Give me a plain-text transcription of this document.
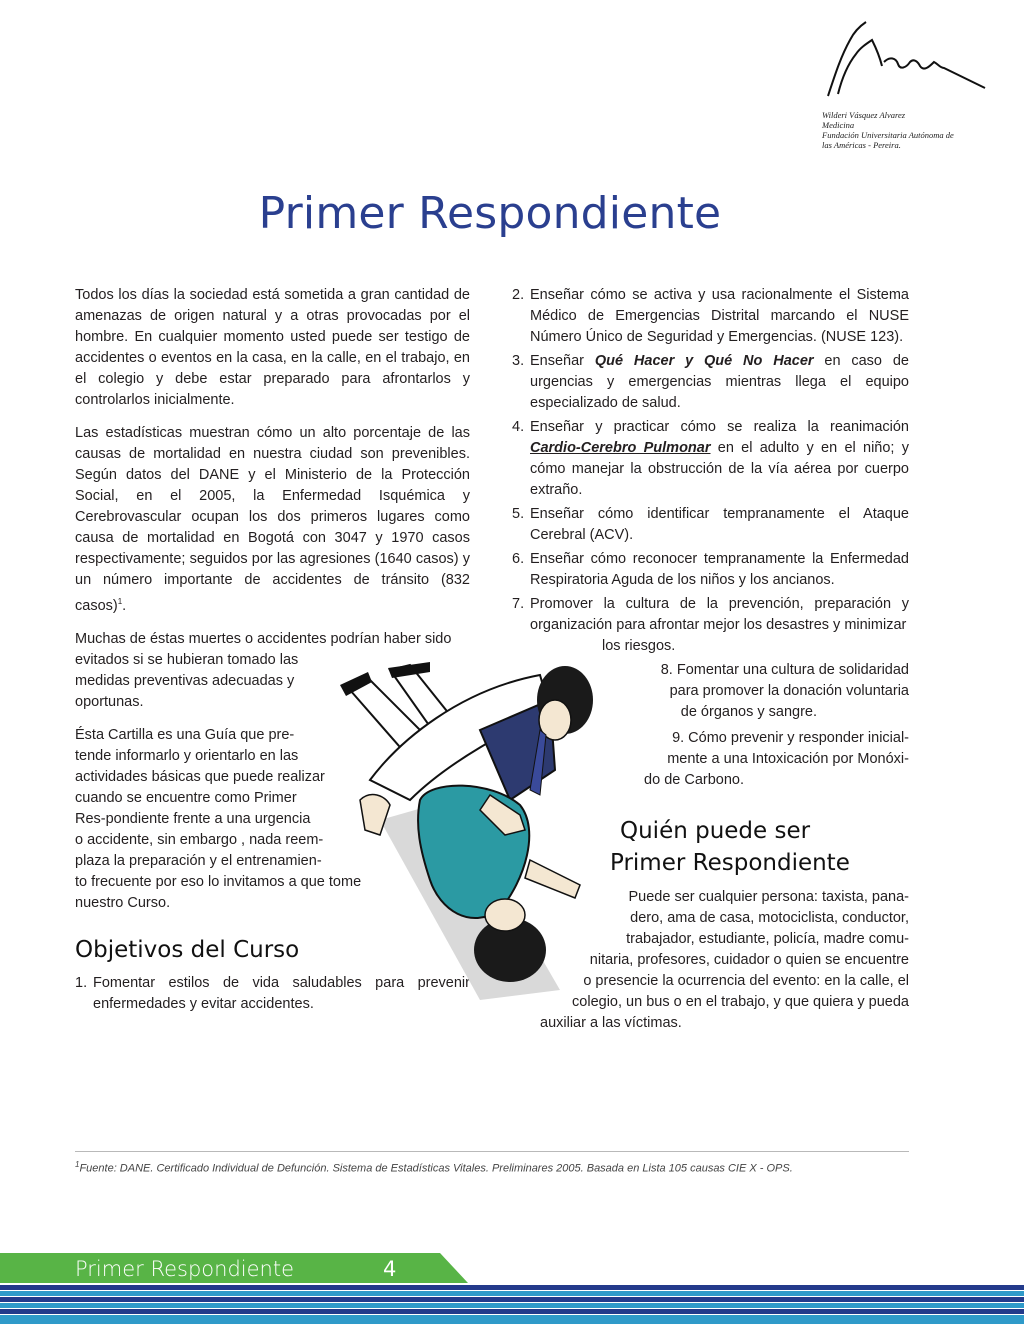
Wilderi Vásquez Alvarez
Medicina
Fundación Universitaria Autónoma de
las Américas - Pereira.
Primer Respondiente

Todos los días la sociedad está sometida a gran cantidad de amenazas de origen natural y a otras provocadas por el hombre. En cualquier momento usted puede ser testigo de accidentes o eventos en la casa, en la calle, en el trabajo, en el colegio y debe estar preparado para afrontarlos y controlarlos inicialmente.

Las estadísticas muestran cómo un alto porcentaje de las causas de mortalidad en nuestra ciudad son prevenibles. Según datos del DANE y el Ministerio de la Protección Social, en el 2005, la Enfermedad Isquémica y Cerebrovascular ocupan los dos primeros lugares como causa de mortalidad en Bogotá con 3047 y 1970 casos respectivamente; seguidos por las agresiones (1640 casos) y un número importante de accidentes de tránsito (832 casos)$^1$.

Muchas de éstas muertes o accidentes podrían haber sido
evitados si se hubieran tomado las
medidas preventivas adecuadas y
oportunas.

Ésta Cartilla es una Guía que pre-
tende informarlo y orientarlo en las
actividades básicas que puede realizar
cuando se encuentre como Primer
Res-pondiente frente a una urgencia
o accidente, sin embargo , nada reem-
plaza la preparación y el entrenamien-
to frecuente por eso lo invitamos a que tome
nuestro Curso.

Objetivos del Curso
1. Fomentar estilos de vida saludables para prevenir enfermedades y evitar accidentes.
2. Enseñar cómo se activa y usa racionalmente el Sistema Médico de Emergencias Distrital marcando el NUSE Número Único de Seguridad y Emergencias. (NUSE 123).
3. Enseñar Qué Hacer y Qué No Hacer en caso de urgencias y emergencias mientras llega el equipo especializado de salud.
4. Enseñar y practicar cómo se realiza la reanimación Cardio-Cerebro Pulmonar en el adulto y en el niño; y cómo manejar la obstrucción de la vía aérea por cuerpo extraño.
5. Enseñar cómo identificar tempranamente el Ataque Cerebral (ACV).
6. Enseñar cómo reconocer tempranamente la Enfermedad Respiratoria Aguda de los niños y los ancianos.
7. Promover la cultura de la prevención, preparación y organización para afrontar mejor los desastres y minimizar
los riesgos.
8. Fomentar una cultura de solidaridad
para promover la donación voluntaria
de órganos y sangre.
9. Cómo prevenir y responder inicial-
mente a una Intoxicación por Monóxi-
do de Carbono.
Quién puede ser
Primer Respondiente
Puede ser cualquier persona: taxista, pana-
dero, ama de casa, motociclista, conductor,
trabajador, estudiante, policía, madre comu-
nitaria, profesores, cuidador o quien se encuentre
o presencie la ocurrencia del evento: en la calle, el
colegio, un bus o en el trabajo, y que quiera y pueda
auxiliar a las víctimas.
$^1$Fuente: DANE. Certificado Individual de Defunción. Sistema de Estadísticas Vitales. Preliminares 2005. Basada en Lista 105 causas CIE X - OPS.
Primer Respondiente	4
